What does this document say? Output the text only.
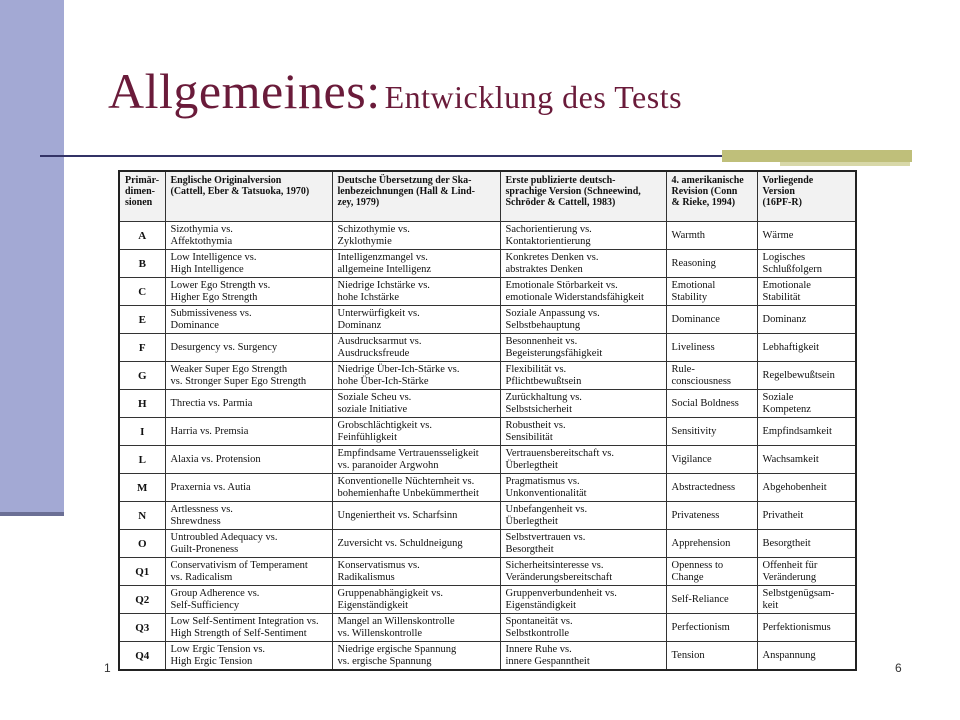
Allgemeines: Entwicklung des Tests
Primär-
dimen-
sionen	Englische Originalversion
(Cattell, Eber & Tatsuoka, 1970)	Deutsche Übersetzung der Ska-
lenbezeichnungen (Hall & Lind-
zey, 1979)	Erste publizierte deutsch-
sprachige Version (Schneewind,
Schröder & Cattell, 1983)	4. amerikanische
Revision (Conn
& Rieke, 1994)	Vorliegende
Version
(16PF-R)
A	Sizothymia vs.
Affektothymia	Schizothymie vs.
Zyklothymie	Sachorientierung vs.
Kontaktorientierung	Warmth	Wärme
B	Low Intelligence vs.
High Intelligence	Intelligenzmangel vs.
allgemeine Intelligenz	Konkretes Denken vs.
abstraktes Denken	Reasoning	Logisches
Schlußfolgern
C	Lower Ego Strength vs.
Higher Ego Strength	Niedrige Ichstärke vs.
hohe Ichstärke	Emotionale Störbarkeit vs.
emotionale Widerstandsfähigkeit	Emotional
Stability	Emotionale
Stabilität
E	Submissiveness vs.
Dominance	Unterwürfigkeit vs.
Dominanz	Soziale Anpassung vs.
Selbstbehauptung	Dominance	Dominanz
F	Desurgency vs. Surgency	Ausdrucksarmut vs.
Ausdrucksfreude	Besonnenheit vs.
Begeisterungsfähigkeit	Liveliness	Lebhaftigkeit
G	Weaker Super Ego Strength
vs. Stronger Super Ego Strength	Niedrige Über-Ich-Stärke vs.
hohe Über-Ich-Stärke	Flexibilität vs.
Pflichtbewußtsein	Rule-
consciousness	Regelbewußtsein
H	Threctia vs. Parmia	Soziale Scheu vs.
soziale Initiative	Zurückhaltung vs.
Selbstsicherheit	Social Boldness	Soziale
Kompetenz
I	Harria vs. Premsia	Grobschlächtigkeit vs.
Feinfühligkeit	Robustheit vs.
Sensibilität	Sensitivity	Empfindsamkeit
L	Alaxia vs. Protension	Empfindsame Vertrauensseligkeit
vs. paranoider Argwohn	Vertrauensbereitschaft vs.
Überlegtheit	Vigilance	Wachsamkeit
M	Praxernia vs. Autia	Konventionelle Nüchternheit vs.
bohemienhafte Unbekümmertheit	Pragmatismus vs.
Unkonventionalität	Abstractedness	Abgehobenheit
N	Artlessness vs.
Shrewdness	Ungeniertheit vs. Scharfsinn	Unbefangenheit vs.
Überlegtheit	Privateness	Privatheit
O	Untroubled Adequacy vs.
Guilt-Proneness	Zuversicht vs. Schuldneigung	Selbstvertrauen vs.
Besorgtheit	Apprehension	Besorgtheit
Q1	Conservativism of Temperament
vs. Radicalism	Konservatismus vs.
Radikalismus	Sicherheitsinteresse vs.
Veränderungsbereitschaft	Openness to
Change	Offenheit für
Veränderung
Q2	Group Adherence vs.
Self-Sufficiency	Gruppenabhängigkeit vs.
Eigenständigkeit	Gruppenverbundenheit vs.
Eigenständigkeit	Self-Reliance	Selbstgenügsam-
keit
Q3	Low Self-Sentiment Integration vs.
High Strength of Self-Sentiment	Mangel an Willenskontrolle
vs. Willenskontrolle	Spontaneität vs.
Selbstkontrolle	Perfectionism	Perfektionismus
Q4	Low Ergic Tension vs.
High Ergic Tension	Niedrige ergische Spannung
vs. ergische Spannung	Innere Ruhe vs.
innere Gespanntheit	Tension	Anspannung
1	6
